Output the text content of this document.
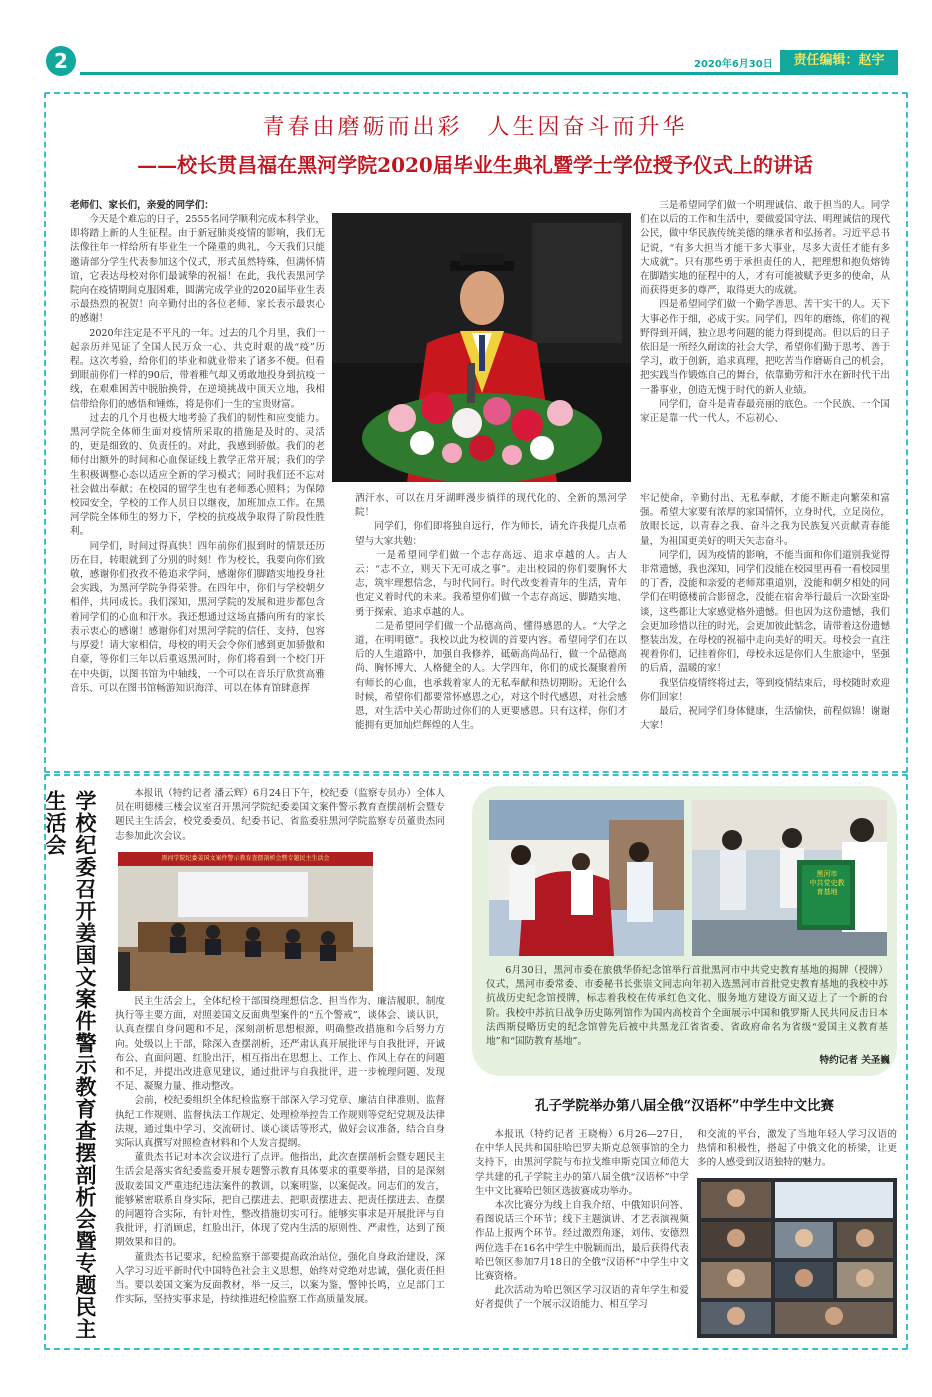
2	2020年6月30日	责任编辑：赵宇
青春由磨砺而出彩　人生因奋斗而升华
——校长贯昌福在黑河学院2020届毕业生典礼暨学士学位授予仪式上的讲话
老师们、家长们，亲爱的同学们：
今天是个难忘的日子，2555名同学顺利完成本科学业，即将踏上新的人生征程。由于新冠肺炎疫情的影响，我们无法像往年一样给所有毕业生一个隆重的典礼，今天我们只能邀请部分学生代表参加这个仪式，形式虽然特殊，但满怀情谊，它表达母校对你们最诚挚的祝福！在此，我代表黑河学院向在疫情期间克服困难，圆满完成学业的2020届毕业生表示最热烈的祝贺！向辛勤付出的各位老师、家长表示最衷心的感谢！
　　2020年注定是不平凡的一年。过去的几个月里，我们一起亲历并见证了全国人民万众一心、共克时艰的战“疫”历程。这次考验，给你们的毕业和就业带来了诸多不便。但看到眼前你们一样的90后，带着稚气却又勇敢地投身到抗疫一线，在艰难困苦中脱胎换骨，在逆境挑战中顶天立地，我相信带给你们的感悟和锤炼，将是你们一生的宝贵财富。
　　过去的几个月也极大地考验了我们的韧性和应变能力。黑河学院全体师生面对疫情所采取的措施是及时的、灵活的，更是细致的、负责任的。对此，我感到骄傲。我们的老师付出额外的时间和心血保证线上教学正常开展；我们的学生积极调整心态以适应全新的学习模式；同时我们还不忘对社会做出奉献；在校园的留学生也有老师悉心照料；为保障校园安全，学校的工作人员日以继夜，加班加点工作。在黑河学院全体师生的努力下，学校的抗疫战争取得了阶段性胜利。
　　同学们，时间过得真快！四年前你们报到时的情景还历历在目，转眼就到了分别的时刻！作为校长，我要向你们致敬，感谢你们孜孜不倦追求学问，感谢你们脚踏实地投身社会实践，为黑河学院争得荣誉。在四年中，你们与学校朝夕相伴，共同成长。我们深知，黑河学院的发展和进步都包含着同学们的心血和汗水。我还想通过这场直播向所有的家长表示衷心的感谢！感谢你们对黑河学院的信任、支持，包容与厚爱！请大家相信，母校的明天会令你们感到更加骄傲和自豪，等你们三年以后重返黑河时，你们将看到一个校门开在中央街，以图书馆为中轴线，一个可以在音乐厅欣赏高雅音乐、可以在图书馆畅游知识海洋、可以在体育馆肆意挥
洒汗水、可以在月牙湖畔漫步徜徉的现代化的、全新的黑河学院！
　　同学们，你们即将独自远行，作为师长，请允许我提几点希望与大家共勉：
　　一是希望同学们做一个志存高远、追求卓越的人。古人云：“志不立，则天下无可成之事”。走出校园的你们要胸怀大志，筑牢理想信念，与时代同行。时代改变着青年的生活，青年也定义着时代的未来。我希望你们做一个志存高远、脚踏实地、勇于探索、追求卓越的人。
　　二是希望同学们做一个品德高尚、懂得感恩的人。“大学之道，在明明德”。我校以此为校训的首要内容。希望同学们在以后的人生道路中，加强自我修养，砥砺高尚品行，做一个品德高尚、胸怀博大、人格健全的人。大学四年，你们的成长凝聚着所有师长的心血，也承载着家人的无私奉献和热切期盼。无论什么时候，希望你们都要常怀感恩之心，对这个时代感恩，对社会感恩，对生活中关心帮助过你们的人更要感恩。只有这样，你们才能拥有更加灿烂辉煌的人生。
三是希望同学们做一个明理诚信、敢于担当的人。同学们在以后的工作和生活中，要做爱国守法、明理诚信的现代公民，做中华民族传统美德的继承者和弘扬者。习近平总书记说，“有多大担当才能干多大事业，尽多大责任才能有多大成就”。只有那些勇于承担责任的人，把理想和抱负熔铸在脚踏实地的征程中的人，才有可能被赋予更多的使命，从而获得更多的尊严，取得更大的成就。
　　四是希望同学们做一个勤学善思、苦干实干的人。天下大事必作于细，必成于实。同学们，四年的磨练，你们的视野得到开阔，独立思考问题的能力得到提高。但以后的日子依旧是一所经久耐读的社会大学，希望你们勤于思考、善于学习，敢于创新，追求真理，把吃苦当作磨砺自己的机会，把实践当作锻炼自己的舞台，依靠勤劳和汗水在新时代干出一番事业，创造无愧于时代的新人业绩。
　　同学们，奋斗是青春最亮丽的底色。一个民族、一个国家正是靠一代一代人，不忘初心、
牢记使命，辛勤付出、无私奉献，才能不断走向繁荣和富强。希望大家要有浓厚的家国情怀，立身时代，立足岗位，放眼长远，以青春之我、奋斗之我为民族复兴贡献青春能量，为祖国更美好的明天矢志奋斗。
　　同学们，因为疫情的影响，不能当面和你们道别我觉得非常遗憾，我也深知，同学们没能在校园里再看一看校园里的丁香，没能和亲爱的老师郑重道别，没能和朝夕相处的同学们在明德楼前合影留念，没能在宿舍举行最后一次卧室卧谈，这些都让大家感觉格外遗憾。但也因为这份遗憾，我们会更加珍惜以往的时光，会更加彼此惦念，请带着这份遗憾整装出发，在母校的祝福中走向美好的明天。母校会一直注视着你们，记挂着你们，母校永远是你们人生旅途中，坚强的后盾，温暖的家！
　　我坚信疫情终将过去，等到疫情结束后，母校随时欢迎你们回家！
　　最后，祝同学们身体健康，生活愉快，前程似锦！谢谢大家！
学校纪委召开姜国文案件警示教育查摆剖析会暨专题民主生活会	本报讯（特约记者 潘云辉）6月24日下午，校纪委（监察专员办）全体人员在明德楼三楼会议室召开黑河学院纪委姜国文案件警示教育查摆剖析会暨专题民主生活会，校党委委员、纪委书记、省监委驻黑河学院监察专员董贵杰同志参加此次会议。
黑河学院纪委姜国文案件警示教育查摆剖析会暨专题民主生活会
民主生活会上，全体纪检干部围绕理想信念、担当作为、廉洁履职、制度执行等主要方面，对照姜国文反面典型案件的“五个警戒”，谈体会、谈认识，认真查摆自身问题和不足，深刻剖析思想根源，明确整改措施和今后努力方向。处级以上干部，除深入查摆剖析，还严肃认真开展批评与自我批评，开诚布公、直面问题、红脸出汗，相互指出在思想上、工作上、作风上存在的问题和不足，并提出改进意见建议，通过批评与自我批评，进一步梳理问题、发现不足、凝聚力量、推动整改。
　　会前，校纪委组织全体纪检监察干部深入学习党章、廉洁自律准则、监督执纪工作规则、监督执法工作规定、处理检举控告工作规则等党纪党规及法律法规，通过集中学习、交流研讨、谈心谈话等形式，做好会议准备，结合自身实际认真撰写对照检查材料和个人发言提纲。
　　董贵杰书记对本次会议进行了点评。他指出，此次查摆剖析会暨专题民主生活会是落实省纪委监委开展专题警示教育具体要求的重要举措，目的是深刻汲取姜国文严重违纪违法案件的教训，以案明鉴，以案促改。同志们的发言，能够紧密联系自身实际，把自己摆进去、把职责摆进去、把责任摆进去、查摆的问题符合实际，有针对性，整改措施切实可行。能够实事求是开展批评与自我批评，打消顾虑，红脸出汗，体现了党内生活的原则性、严肃性，达到了预期效果和目的。
　　董贵杰书记要求，纪检监察干部要提高政治站位，强化自身政治建设，深入学习习近平新时代中国特色社会主义思想，始终对党绝对忠诚，强化责任担当。要以姜国文案为反面教材，举一反三，以案为鉴，警钟长鸣，立足部门工作实际，坚持实事求是，持续推进纪检监察工作高质量发展。
黑河市
中共党史教育基地
6月30日，黑河市委在旅俄华侨纪念馆举行首批黑河市中共党史教育基地的揭牌（授牌）仪式，黑河市委常委、市委秘书长张崇文同志向年初入选黑河市首批党史教育基地的我校中苏抗战历史纪念馆授牌，标志着我校在传承红色文化、服务地方建设方面又迈上了一个新的台阶。我校中苏抗日战争历史陈列馆作为国内高校首个全面展示中国和俄罗斯人民共同反击日本法西斯侵略历史的纪念馆曾先后被中共黑龙江省省委、省政府命名为省级“爱国主义教育基地”和“国防教育基地”。
特约记者 关圣巍
孔子学院举办第八届全俄“汉语杯”中学生中文比赛
本报讯（特约记者 王晓梅）6月26—27日，在中华人民共和国驻哈巴罗夫斯克总领事馆的全力支持下，由黑河学院与布拉戈维申斯克国立师范大学共建的孔子学院主办的第八届全俄“汉语杯”中学生中文比赛哈巴领区选拔赛成功举办。
　　本次比赛分为线上自我介绍、中俄知识问答、看图说话三个环节；线下主题演讲、才艺表演视频作品上报两个环节。经过激烈角逐，刘伟、安德烈两位选手在16名中学生中脱颖而出，最后获得代表哈巴领区参加7月18日的全俄“汉语杯”中学生中文比赛资格。
　　此次活动为哈巴领区学习汉语的青年学生和爱好者提供了一个展示汉语能力、相互学习
和交流的平台，激发了当地年轻人学习汉语的热情和积极性，搭起了中俄文化的桥梁，让更多的人感受到汉语独特的魅力。
